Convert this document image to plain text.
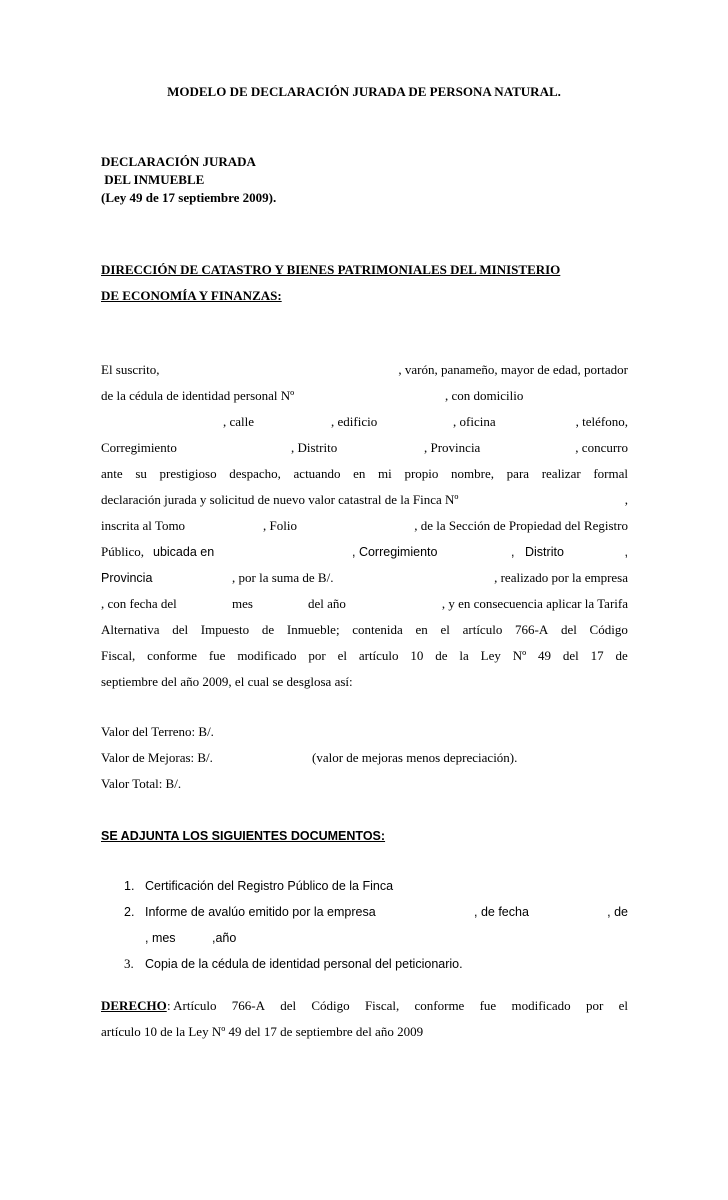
MODELO DE DECLARACIÓN JURADA DE PERSONA NATURAL.
DECLARACIÓN JURADA
DEL INMUEBLE
(Ley 49 de 17 septiembre 2009).
DIRECCIÓN DE CATASTRO Y BIENES PATRIMONIALES DEL MINISTERIO
DE ECONOMÍA Y FINANZAS:
El suscrito,	, varón, panameño, mayor de edad, portador
de la cédula de identidad personal Nº	, con domicilio
, calle	, edificio	, oficina	, teléfono,
Corregimiento	, Distrito	, Provincia	, concurro
ante su prestigioso despacho, actuando en mi propio nombre, para realizar formal
declaración jurada y solicitud de nuevo valor catastral de la Finca Nº	,
inscrita al Tomo	, Folio	, de la Sección de Propiedad del Registro
Público, ubicada en	, Corregimiento	, Distrito	,
Provincia	, por la suma de B/.	, realizado por la empresa
, con fecha del	mes	del año	, y en consecuencia aplicar la Tarifa
Alternativa del Impuesto de Inmueble; contenida en el artículo 766-A del Código
Fiscal, conforme fue modificado por el artículo 10 de la Ley Nº 49 del 17 de
septiembre del año 2009, el cual se desglosa así:
Valor del Terreno: B/.
Valor de Mejoras: B/.	(valor de mejoras menos depreciación).
Valor Total: B/.
SE ADJUNTA LOS SIGUIENTES DOCUMENTOS:
1. Certificación del Registro Público de la Finca
2. Informe de avalúo emitido por la empresa	, de fecha	, de
, mes	,año
3. Copia de la cédula de identidad personal del peticionario.
DERECHO : Artículo 766-A del Código Fiscal, conforme fue modificado por el
artículo 10 de la Ley Nº 49 del 17 de septiembre del año 2009
